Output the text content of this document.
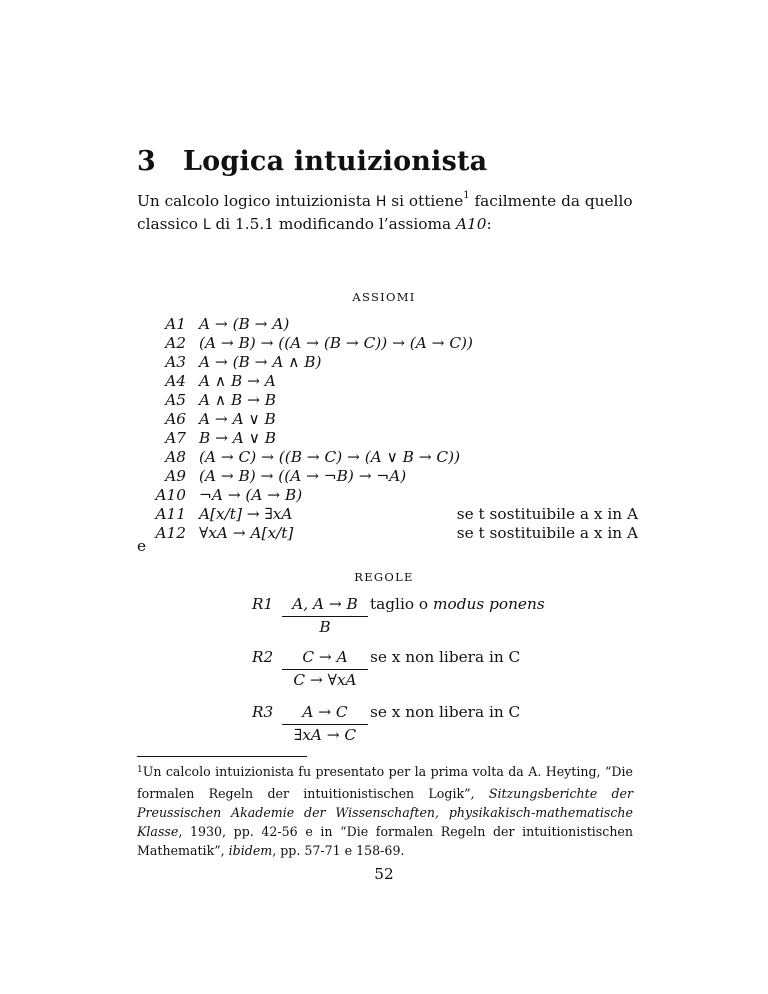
3 Logica intuizionista
Un calcolo logico intuizionista H si ottiene$^1$ facilmente da quello classico L di 1.5.1 modificando l’assioma A10:
ASSIOMI
A1 A → (B → A)
A2 (A → B) → ((A → (B → C)) → (A → C))
A3 A → (B → A ∧ B)
A4 A ∧ B → A
A5 A ∧ B → B
A6 A → A ∨ B
A7 B → A ∨ B
A8 (A → C) → ((B → C) → (A ∨ B → C))
A9 (A → B) → ((A → ¬B) → ¬A)
A10 ¬A → (A → B)
A11 A[x/t] → ∃xA	se t sostituibile a x in A
A12 ∀xA → A[x/t]	se t sostituibile a x in A
e
REGOLE
R1	A, A → B
B
taglio o modus ponens
R2	C → A
C → ∀xA
se x non libera in C
R3	A → C
∃xA → C
se x non libera in C
$^1$Un calcolo intuizionista fu presentato per la prima volta da A. Heyting, “Die formalen Regeln der intuitionistischen Logik”, Sitzungsberichte der Preussischen Akademie der Wissenschaften, physikakisch-mathematische Klasse, 1930, pp. 42-56 e in “Die formalen Regeln der intuitionistischen Mathematik”, ibidem, pp. 57-71 e 158-69.
52
